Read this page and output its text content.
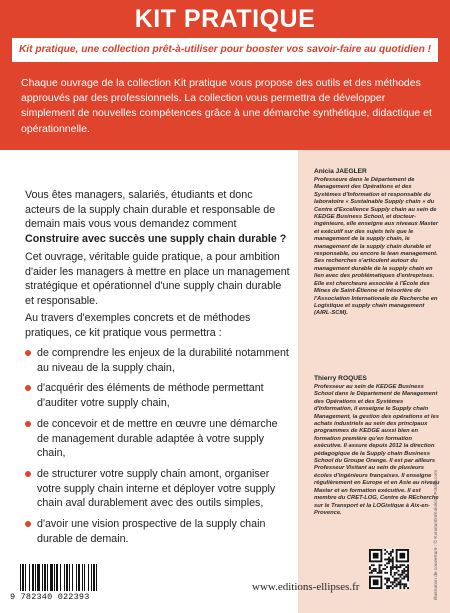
KIT PRATIQUE
Kit pratique, une collection prêt-à-utiliser pour booster vos savoir-faire au quotidien !
Chaque ouvrage de la collection Kit pratique vous propose des outils et des méthodes approuvés par des professionnels. La collection vous permettra de développer simplement de nouvelles compétences grâce à une démarche synthétique, didactique et opérationnelle.

Vous êtes managers, salariés, étudiants et donc acteurs de la supply chain durable et responsable de demain mais vous vous demandez comment Construire avec succès une supply chain durable ?

Cet ouvrage, véritable guide pratique, a pour ambition d'aider les managers à mettre en place un management stratégique et opérationnel d'une supply chain durable et responsable.

Au travers d'exemples concrets et de méthodes pratiques, ce kit pratique vous permettra :

de comprendre les enjeux de la durabilité notamment au niveau de la supply chain,
d'acquérir des éléments de méthode permettant d'auditer votre supply chain,
de concevoir et de mettre en œuvre une démarche de management durable adaptée à votre supply chain,
de structurer votre supply chain amont, organiser votre supply chain interne et déployer votre supply chain aval durablement avec des outils simples,
d'avoir une vision prospective de la supply chain durable de demain.
Anicia JAEGLER
Professeure dans le Département de Management des Opérations et des Systèmes d'Information et responsable du laboratoire « Sustainable Supply chain » du Centre d'Excellence Supply chain au sein de KEDGE Business School, et docteur-ingénieure, elle enseigne aux niveaux Master et exécutif sur des sujets tels que le management de la supply chain, le management de la supply chain durable et responsable, ou encore le lean management. Ses recherches s'articulent autour du management durable de la supply chain en lien avec des problématiques d'entreprises. Elle est chercheure associée à l'École des Mines de Saint-Étienne et trésorière de l'Association Internationale de Recherche en Logistique et supply chain management (AIRL-SCM).
Thierry ROQUES
Professeur au sein de KEDGE Business School dans le Département de Management des Opérations et des Systèmes d'Information, il enseigne le Supply chain Management, la gestion des opérations et les achats industriels au sein des principaux programmes de KEDGE aussi bien en formation première qu'en formation exécutive. Il assure depuis 2012 la direction pédagogique de la Supply chain Business School du Groupe Orange. Il est par ailleurs Professeur Visitant au sein de plusieurs écoles d'ingénieurs françaises. Il enseigne régulièrement en Europe et en Asie au niveau Master et en formation exécutive. Il est membre du CRET-LOG, Centre de REcherche sur le Transport et la LOGistique à Aix-en-Provence.	Illustration de couverture : © Konstantin/Kolokin - Fotolia.com
9 782340 022393
www.editions-ellipses.fr
